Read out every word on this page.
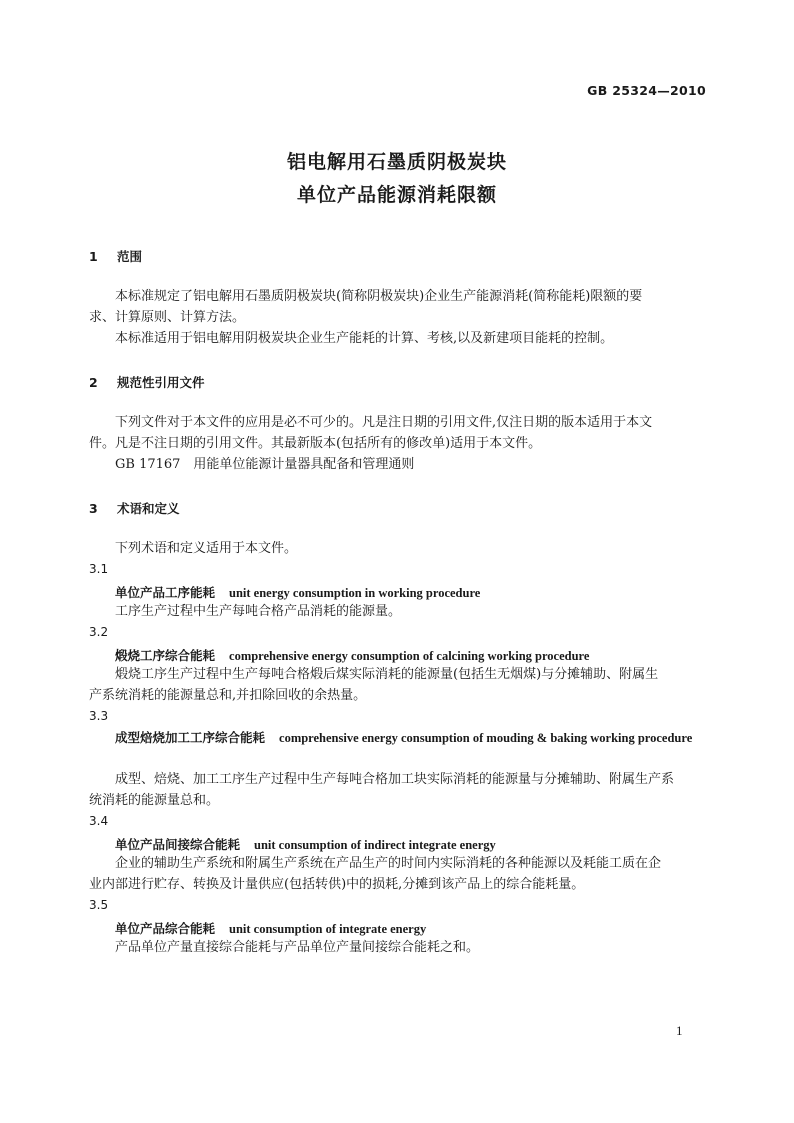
GB 25324—2010
铝电解用石墨质阴极炭块
单位产品能源消耗限额
1 范围
本标准规定了铝电解用石墨质阴极炭块(简称阴极炭块)企业生产能源消耗(简称能耗)限额的要
求、计算原则、计算方法。
本标准适用于铝电解用阴极炭块企业生产能耗的计算、考核,以及新建项目能耗的控制。
2 规范性引用文件
下列文件对于本文件的应用是必不可少的。凡是注日期的引用文件,仅注日期的版本适用于本文
件。凡是不注日期的引用文件。其最新版本(包括所有的修改单)适用于本文件。
GB 17167　用能单位能源计量器具配备和管理通则
3 术语和定义
下列术语和定义适用于本文件。
3.1
单位产品工序能耗 unit energy consumption in working procedure
工序生产过程中生产每吨合格产品消耗的能源量。
3.2
煅烧工序综合能耗 comprehensive energy consumption of calcining working procedure
煅烧工序生产过程中生产每吨合格煅后煤实际消耗的能源量(包括生无烟煤)与分摊辅助、附属生
产系统消耗的能源量总和,并扣除回收的余热量。
3.3
成型焙烧加工工序综合能耗 comprehensive energy consumption of mouding & baking working procedure
成型、焙烧、加工工序生产过程中生产每吨合格加工块实际消耗的能源量与分摊辅助、附属生产系
统消耗的能源量总和。
3.4
单位产品间接综合能耗 unit consumption of indirect integrate energy
企业的辅助生产系统和附属生产系统在产品生产的时间内实际消耗的各种能源以及耗能工质在企
业内部进行贮存、转换及计量供应(包括转供)中的损耗,分摊到该产品上的综合能耗量。
3.5
单位产品综合能耗 unit consumption of integrate energy
产品单位产量直接综合能耗与产品单位产量间接综合能耗之和。
1
